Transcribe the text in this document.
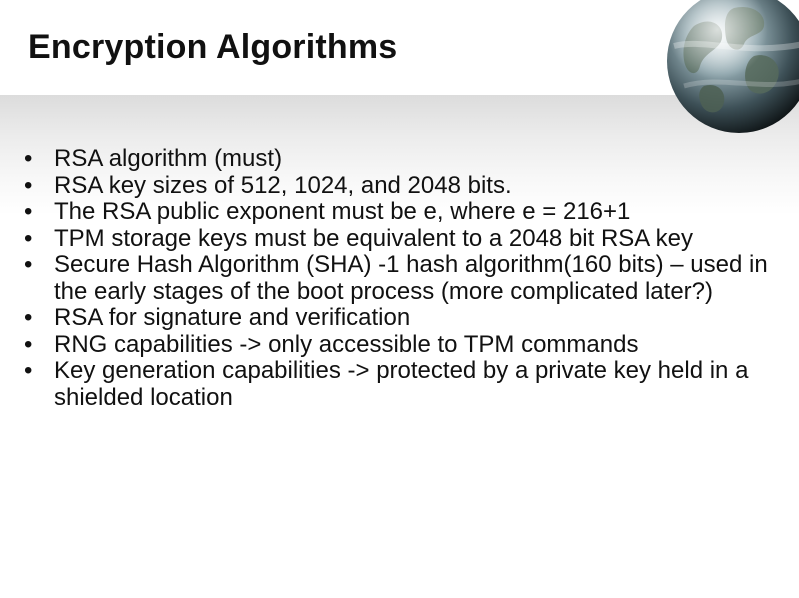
Encryption Algorithms
• RSA algorithm (must)
• RSA key sizes of 512, 1024, and 2048 bits.
• The RSA public exponent must be e, where e = 216+1
• TPM storage keys must be equivalent to a 2048 bit RSA key
• Secure Hash Algorithm (SHA) -1 hash algorithm(160 bits) – used in the early stages of the boot process (more complicated later?)
• RSA for signature and verification
• RNG capabilities -> only accessible to TPM commands
• Key generation capabilities -> protected by a private key held in a shielded location
